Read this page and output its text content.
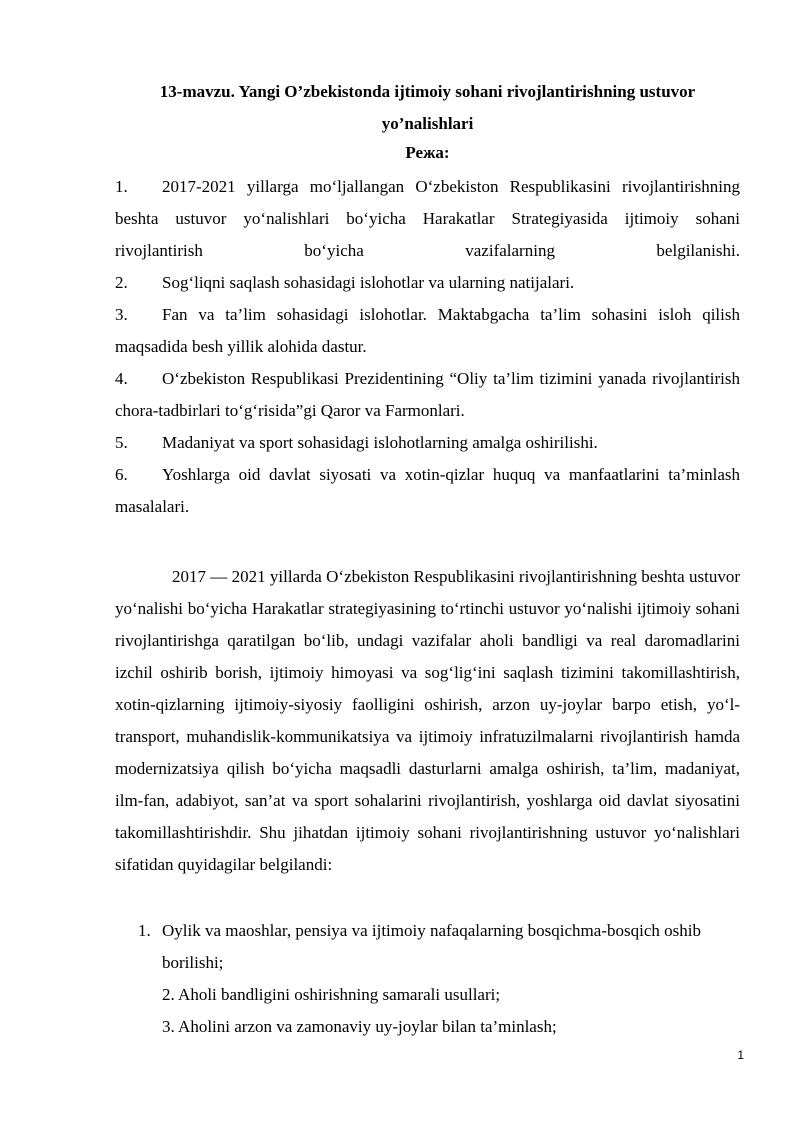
13-mavzu. Yangi O’zbekistonda ijtimoiy sohani rivojlantirishning ustuvor yo’nalishlari

Режа:

1. 2017-2021 yillarga mo‘ljallangan O‘zbekiston Respublikasini rivojlantirishning beshta ustuvor yo‘nalishlari bo‘yicha Harakatlar Strategiyasida ijtimoiy sohani rivojlantirish bo‘yicha vazifalarning belgilanishi.
2. Sog‘liqni saqlash sohasidagi islohotlar va ularning natijalari.
3. Fan va ta’lim sohasidagi islohotlar. Maktabgacha ta’lim sohasini isloh qilish maqsadida besh yillik alohida dastur.
4. O‘zbekiston Respublikasi Prezidentining “Oliy ta’lim tizimini yanada rivojlantirish chora-tadbirlari to‘g‘risida”gi Qaror va Farmonlari.
5. Madaniyat va sport sohasidagi islohotlarning amalga oshirilishi.
6. Yoshlarga oid davlat siyosati va xotin-qizlar huquq va manfaatlarini ta’minlash masalalari.

2017 — 2021 yillarda O‘zbekiston Respublikasini rivojlantirishning beshta ustuvor yo‘nalishi bo‘yicha Harakatlar strategiyasining to‘rtinchi ustuvor yo‘nalishi ijtimoiy sohani rivojlantirishga qaratilgan bo‘lib, undagi vazifalar aholi bandligi va real daromadlarini izchil oshirib borish, ijtimoiy himoyasi va sog‘lig‘ini saqlash tizimini takomillashtirish, xotin-qizlarning ijtimoiy-siyosiy faolligini oshirish, arzon uy-joylar barpo etish, yo‘l-transport, muhandislik-kommunikatsiya va ijtimoiy infratuzilmalarni rivojlantirish hamda modernizatsiya qilish bo‘yicha maqsadli dasturlarni amalga oshirish, ta’lim, madaniyat, ilm-fan, adabiyot, san’at va sport sohalarini rivojlantirish, yoshlarga oid davlat siyosatini takomillashtirishdir. Shu jihatdan ijtimoiy sohani rivojlantirishning ustuvor yo‘nalishlari sifatidan quyidagilar belgilandi:

1. Oylik va maoshlar, pensiya va ijtimoiy nafaqalarning bosqichma-bosqich oshib borilishi;
2. Aholi bandligini oshirishning samarali usullari;
3. Aholini arzon va zamonaviy uy-joylar bilan ta’minlash;
1
